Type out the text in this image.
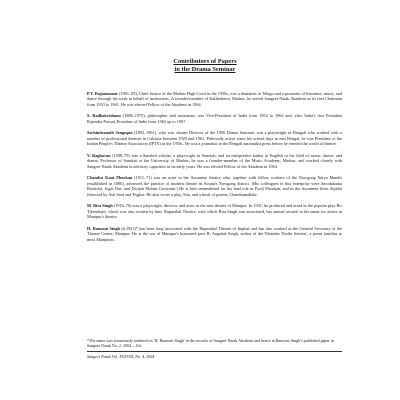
Contributors of Papers
in the Drama Seminar

P.V. Rajamannar (1901–83), Chief Justice of the Madras High Court in the 1950s, was a dramatist in Telugu and a promoter of literature, music, and dance through his work in behalf of institutions. A founder-member of Kalakshetra, Madras, he served Sangeet Natak Akademi as its first Chairman from 1953 to 1961. He was elected Fellow of the Akademi in 1964.

S. Radhakrishnan (1888–1975), philosopher and statesman, was Vice-President of India from 1952 to 1962 and, after India's first President Rajendra Prasad, President of India from 1962 up to 1967.

Sachindranath Sengupta (1892–1961), who was chosen Director of the 1956 Drama Seminar, was a playwright in Bengali who worked with a number of professional theatres in Calcutta between 1929 and 1961. Politically active since his school days in east Bengal, he was President of the Indian People's Theatre Association (IPTA) in the 1950s. He was a journalist in the Bengali nationalist press before he entered the world of theatre.

V. Raghavan (1908–79) was a Sanskrit scholar, a playwright in Sanskrit, and an interpretive author in English in the field of music, dance, and drama. Professor of Sanskrit at the University of Madras, he was a founder-member of the Music Academy, Madras, and worked closely with Sangeet Natak Akademi in advisory capacities in its early years. He was elected Fellow of the Akademi in 1964.

Chandra Kant Phookan (1911–71) was an actor in the Assamese theatre who, together with fellow workers of the Nowgong Natya Mandir (established in 1896), advanced the practice of modern theatre in Assam's Nowgong district. (His colleagues in this enterprise were Sarudakanta Bordoloi, Jugal Dut, and Dwijen Mohan Goswami.) He is best remembered for his lead role in Pyoli Phookan, and in the Assamese films Siplahi (directed by Asit Sen) and Pugkar. He also wrote a play, Sita, and a book of poems, Chandramallika.

M. Bira Singh (1916–76) was a playwright, director, and actor in the new theatre of Manipur. In 1931, he produced and acted in the popular play Bir Tikendrajit, which was also written by him. Rupmahal Theatre, with which Bira Singh was associated, has annual awards in his name for artists in Manipur's theatre.

H. Ranooni Singh (b.1921)* has been long associated with the Rupmahal Theatre of Imphal and has also worked as the General Secretary of the Theatre Center, Manipur. He is the son of Manipur's honoured poet H. Angohal Singh, author of the 'Khamba Thoibi Seirens', a poem familiar to most Manipuris.

*The name was erroneously rendered as 'H. Ranooni Singh' in the records of Sangeet Natak Akademi and hence in Ranooni Singh's published paper in Sangeet Natak No. 2, 2004.—Ed.
Sangeet Natak Vol. XXXVIII, No. 4, 2004
